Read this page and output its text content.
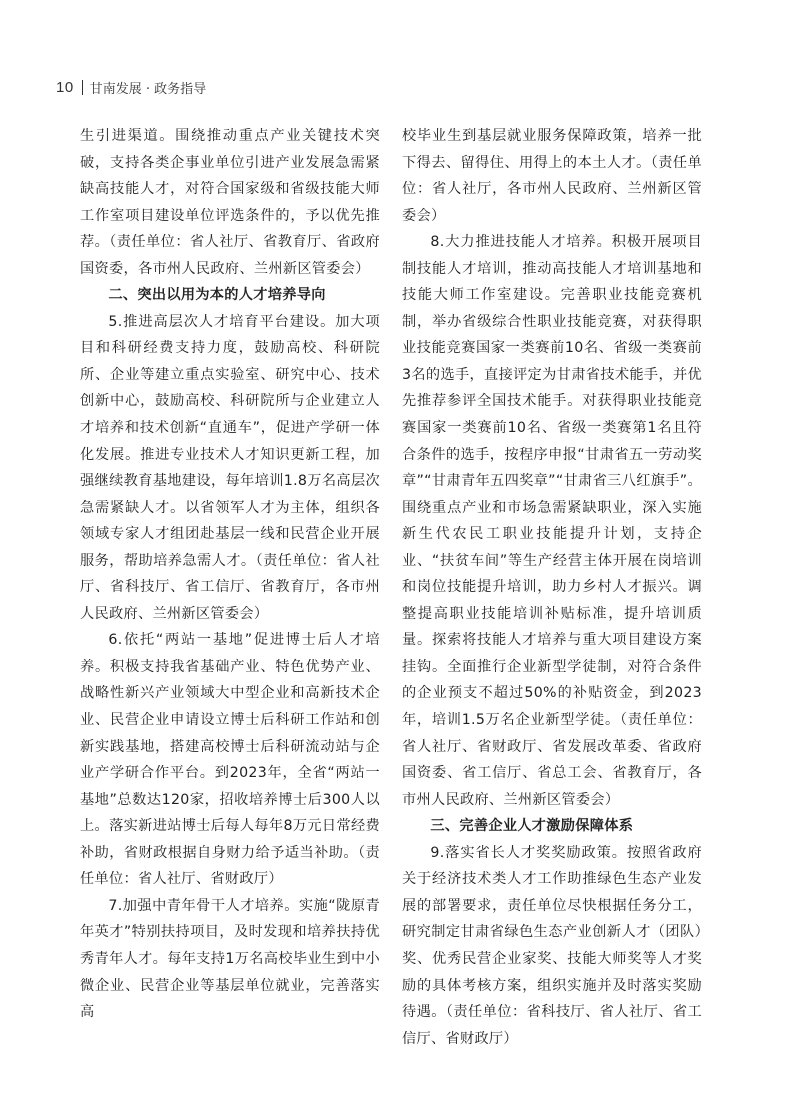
10 甘南发展 · 政务指导

生引进渠道。围绕推动重点产业关键技术突破，支持各类企事业单位引进产业发展急需紧缺高技能人才，对符合国家级和省级技能大师工作室项目建设单位评选条件的，予以优先推荐。（责任单位：省人社厅、省教育厅、省政府国资委，各市州人民政府、兰州新区管委会）

二、突出以用为本的人才培养导向

5.推进高层次人才培育平台建设。加大项目和科研经费支持力度，鼓励高校、科研院所、企业等建立重点实验室、研究中心、技术创新中心，鼓励高校、科研院所与企业建立人才培养和技术创新“直通车”，促进产学研一体化发展。推进专业技术人才知识更新工程，加强继续教育基地建设，每年培训1.8万名高层次急需紧缺人才。以省领军人才为主体，组织各领域专家人才组团赴基层一线和民营企业开展服务，帮助培养急需人才。（责任单位：省人社厅、省科技厅、省工信厅、省教育厅，各市州人民政府、兰州新区管委会）

6.依托“两站一基地”促进博士后人才培养。积极支持我省基础产业、特色优势产业、战略性新兴产业领域大中型企业和高新技术企业、民营企业申请设立博士后科研工作站和创新实践基地，搭建高校博士后科研流动站与企业产学研合作平台。到2023年，全省“两站一基地”总数达120家，招收培养博士后300人以上。落实新进站博士后每人每年8万元日常经费补助，省财政根据自身财力给予适当补助。（责任单位：省人社厅、省财政厅）

7.加强中青年骨干人才培养。实施“陇原青年英才”特别扶持项目，及时发现和培养扶持优秀青年人才。每年支持1万名高校毕业生到中小微企业、民营企业等基层单位就业，完善落实高

校毕业生到基层就业服务保障政策，培养一批下得去、留得住、用得上的本土人才。（责任单位：省人社厅，各市州人民政府、兰州新区管委会）

8.大力推进技能人才培养。积极开展项目制技能人才培训，推动高技能人才培训基地和技能大师工作室建设。完善职业技能竞赛机制，举办省级综合性职业技能竞赛，对获得职业技能竞赛国家一类赛前10名、省级一类赛前3名的选手，直接评定为甘肃省技术能手，并优先推荐参评全国技术能手。对获得职业技能竞赛国家一类赛前10名、省级一类赛第1名且符合条件的选手，按程序申报“甘肃省五一劳动奖章”“甘肃青年五四奖章”“甘肃省三八红旗手”。围绕重点产业和市场急需紧缺职业，深入实施新生代农民工职业技能提升计划，支持企业、“扶贫车间”等生产经营主体开展在岗培训和岗位技能提升培训，助力乡村人才振兴。调整提高职业技能培训补贴标准，提升培训质量。探索将技能人才培养与重大项目建设方案挂钩。全面推行企业新型学徒制，对符合条件的企业预支不超过50%的补贴资金，到2023年，培训1.5万名企业新型学徒。（责任单位：省人社厅、省财政厅、省发展改革委、省政府国资委、省工信厅、省总工会、省教育厅，各市州人民政府、兰州新区管委会）

三、完善企业人才激励保障体系

9.落实省长人才奖奖励政策。按照省政府关于经济技术类人才工作助推绿色生态产业发展的部署要求，责任单位尽快根据任务分工，研究制定甘肃省绿色生态产业创新人才（团队）奖、优秀民营企业家奖、技能大师奖等人才奖励的具体考核方案，组织实施并及时落实奖励待遇。（责任单位：省科技厅、省人社厅、省工信厅、省财政厅）
